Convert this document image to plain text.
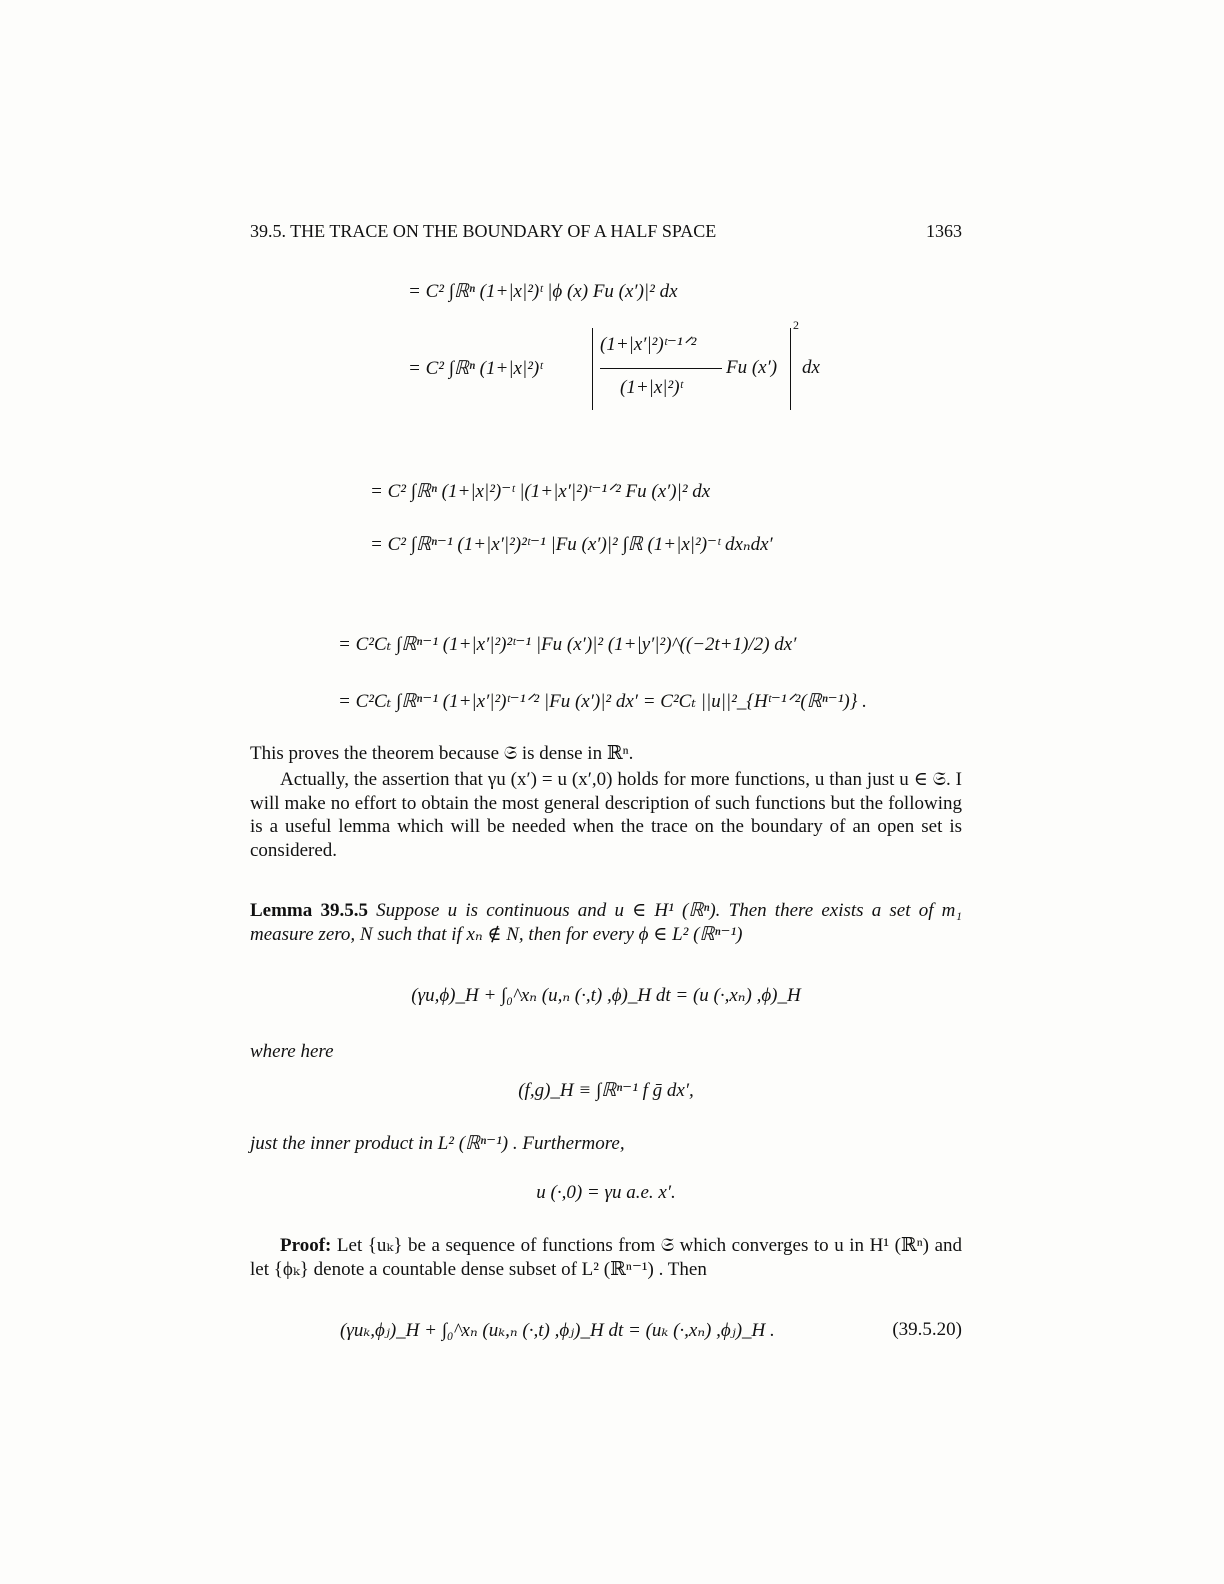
39.5. THE TRACE ON THE BOUNDARY OF A HALF SPACE	1363
= C² ∫ℝⁿ (1+|x|²)ᵗ |ϕ (x) Fu (x′)|² dx
= C² ∫ℝⁿ (1+|x|²)ᵗ
(1+|x′|²)ᵗ⁻¹ᐟ²
(1+|x|²)ᵗ
Fu (x′)
2
dx
= C² ∫ℝⁿ (1+|x|²)⁻ᵗ |(1+|x′|²)ᵗ⁻¹ᐟ² Fu (x′)|² dx
= C² ∫ℝⁿ⁻¹ (1+|x′|²)²ᵗ⁻¹ |Fu (x′)|² ∫ℝ (1+|x|²)⁻ᵗ dxₙdx′
= C²Cₜ ∫ℝⁿ⁻¹ (1+|x′|²)²ᵗ⁻¹ |Fu (x′)|² (1+|y′|²)^((−2t+1)/2) dx′
= C²Cₜ ∫ℝⁿ⁻¹ (1+|x′|²)ᵗ⁻¹ᐟ² |Fu (x′)|² dx′ = C²Cₜ ||u||²_{Hᵗ⁻¹ᐟ²(ℝⁿ⁻¹)} .
This proves the theorem because 𝔖 is dense in ℝⁿ.
Actually, the assertion that γu (x′) = u (x′,0) holds for more functions, u than just u ∈ 𝔖. I will make no effort to obtain the most general description of such functions but the following is a useful lemma which will be needed when the trace on the boundary of an open set is considered.
Lemma 39.5.5 Suppose u is continuous and u ∈ H¹ (ℝⁿ). Then there exists a set of m₁ measure zero, N such that if xₙ ∉ N, then for every ϕ ∈ L² (ℝⁿ⁻¹)
(γu,ϕ)_H + ∫₀^xₙ (u,ₙ (·,t) ,ϕ)_H dt = (u (·,xₙ) ,ϕ)_H
where here
(f,g)_H ≡ ∫ℝⁿ⁻¹ f ḡ dx′,
just the inner product in L² (ℝⁿ⁻¹) . Furthermore,
u (·,0) = γu a.e. x′.
Proof: Let {uₖ} be a sequence of functions from 𝔖 which converges to u in H¹ (ℝⁿ) and let {ϕₖ} denote a countable dense subset of L² (ℝⁿ⁻¹) . Then
(γuₖ,ϕⱼ)_H + ∫₀^xₙ (uₖ,ₙ (·,t) ,ϕⱼ)_H dt = (uₖ (·,xₙ) ,ϕⱼ)_H .	(39.5.20)
